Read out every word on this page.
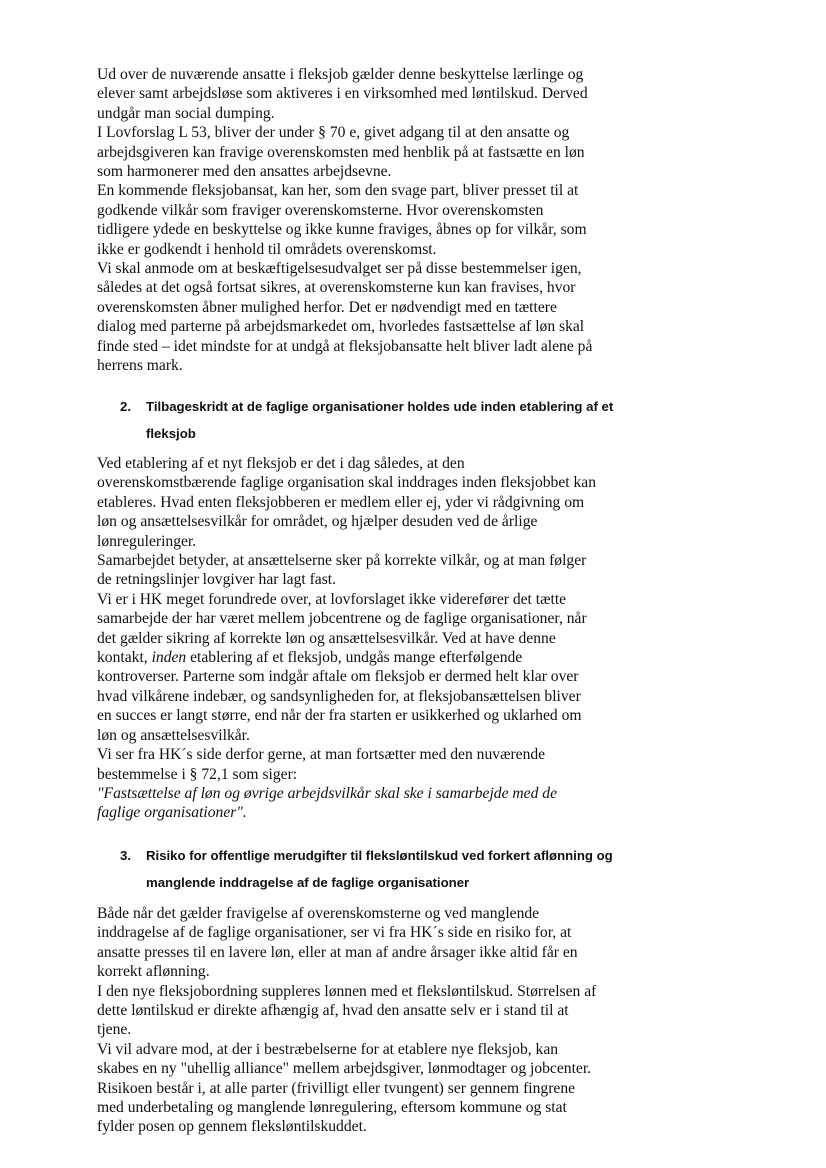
Ud over de nuværende ansatte i fleksjob gælder denne beskyttelse lærlinge og
elever samt arbejdsløse som aktiveres i en virksomhed med løntilskud. Derved
undgår man social dumping.
I Lovforslag L 53, bliver der under § 70 e, givet adgang til at den ansatte og
arbejdsgiveren kan fravige overenskomsten med henblik på at fastsætte en løn
som harmonerer med den ansattes arbejdsevne.
En kommende fleksjobansat, kan her, som den svage part, bliver presset til at
godkende vilkår som fraviger overenskomsterne. Hvor overenskomsten
tidligere ydede en beskyttelse og ikke kunne fraviges, åbnes op for vilkår, som
ikke er godkendt i henhold til områdets overenskomst.
Vi skal anmode om at beskæftigelsesudvalget ser på disse bestemmelser igen,
således at det også fortsat sikres, at overenskomsterne kun kan fravises, hvor
overenskomsten åbner mulighed herfor. Det er nødvendigt med en tættere
dialog med parterne på arbejdsmarkedet om, hvorledes fastsættelse af løn skal
finde sted – idet mindste for at undgå at fleksjobansatte helt bliver ladt alene på
herrens mark.
2. Tilbageskridt at de faglige organisationer holdes ude inden etablering af et
fleksjob
Ved etablering af et nyt fleksjob er det i dag således, at den
overenskomstbærende faglige organisation skal inddrages inden fleksjobbet kan
etableres. Hvad enten fleksjobberen er medlem eller ej, yder vi rådgivning om
løn og ansættelsesvilkår for området, og hjælper desuden ved de årlige
lønreguleringer.
Samarbejdet betyder, at ansættelserne sker på korrekte vilkår, og at man følger
de retningslinjer lovgiver har lagt fast.
Vi er i HK meget forundrede over, at lovforslaget ikke viderefører det tætte
samarbejde der har været mellem jobcentrene og de faglige organisationer, når
det gælder sikring af korrekte løn og ansættelsesvilkår. Ved at have denne
kontakt, inden etablering af et fleksjob, undgås mange efterfølgende
kontroverser. Parterne som indgår aftale om fleksjob er dermed helt klar over
hvad vilkårene indebær, og sandsynligheden for, at fleksjobansættelsen bliver
en succes er langt større, end når der fra starten er usikkerhed og uklarhed om
løn og ansættelsesvilkår.
Vi ser fra HK´s side derfor gerne, at man fortsætter med den nuværende
bestemmelse i § 72,1 som siger:
"Fastsættelse af løn og øvrige arbejdsvilkår skal ske i samarbejde med de
faglige organisationer".
3. Risiko for offentlige merudgifter til fleksløntilskud ved forkert aflønning og
manglende inddragelse af de faglige organisationer
Både når det gælder fravigelse af overenskomsterne og ved manglende
inddragelse af de faglige organisationer, ser vi fra HK´s side en risiko for, at
ansatte presses til en lavere løn, eller at man af andre årsager ikke altid får en
korrekt aflønning.
I den nye fleksjobordning suppleres lønnen med et fleksløntilskud. Størrelsen af
dette løntilskud er direkte afhængig af, hvad den ansatte selv er i stand til at
tjene.
Vi vil advare mod, at der i bestræbelserne for at etablere nye fleksjob, kan
skabes en ny "uhellig alliance" mellem arbejdsgiver, lønmodtager og jobcenter.
Risikoen består i, at alle parter (frivilligt eller tvungent) ser gennem fingrene
med underbetaling og manglende lønregulering, eftersom kommune og stat
fylder posen op gennem fleksløntilskuddet.
